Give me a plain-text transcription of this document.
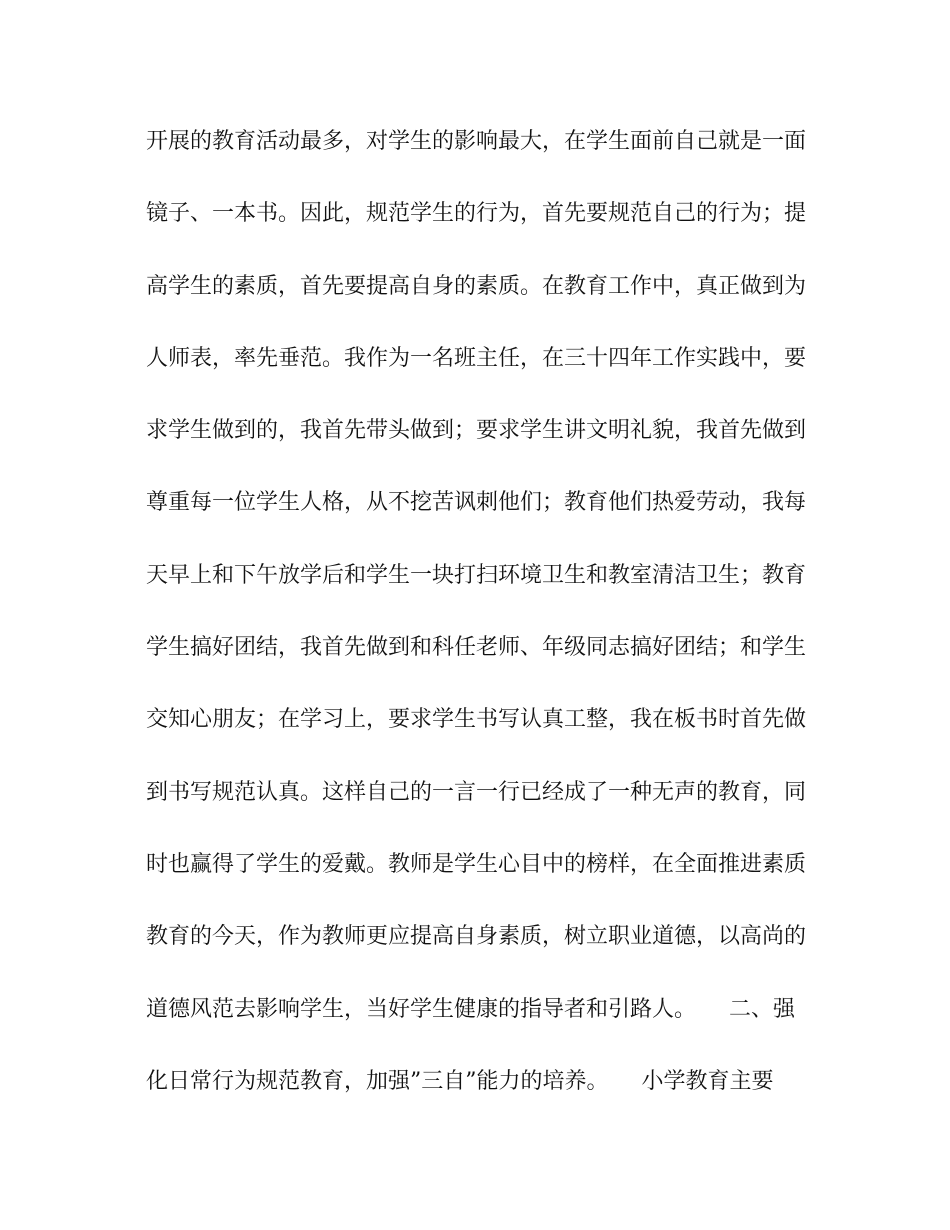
开展的教育活动最多，对学生的影响最大，在学生面前自己就是一面
镜子、一本书。因此，规范学生的行为，首先要规范自己的行为；提
高学生的素质，首先要提高自身的素质。在教育工作中，真正做到为
人师表，率先垂范。我作为一名班主任，在三十四年工作实践中，要
求学生做到的，我首先带头做到；要求学生讲文明礼貌，我首先做到
尊重每一位学生人格，从不挖苦讽刺他们；教育他们热爱劳动，我每
天早上和下午放学后和学生一块打扫环境卫生和教室清洁卫生；教育
学生搞好团结，我首先做到和科任老师、年级同志搞好团结；和学生
交知心朋友；在学习上，要求学生书写认真工整，我在板书时首先做
到书写规范认真。这样自己的一言一行已经成了一种无声的教育，同
时也赢得了学生的爱戴。教师是学生心目中的榜样，在全面推进素质
教育的今天，作为教师更应提高自身素质，树立职业道德，以高尚的
道德风范去影响学生，当好学生健康的指导者和引路人。　　二、强
化日常行为规范教育，加强”三自”能力的培养。　　小学教育主要
